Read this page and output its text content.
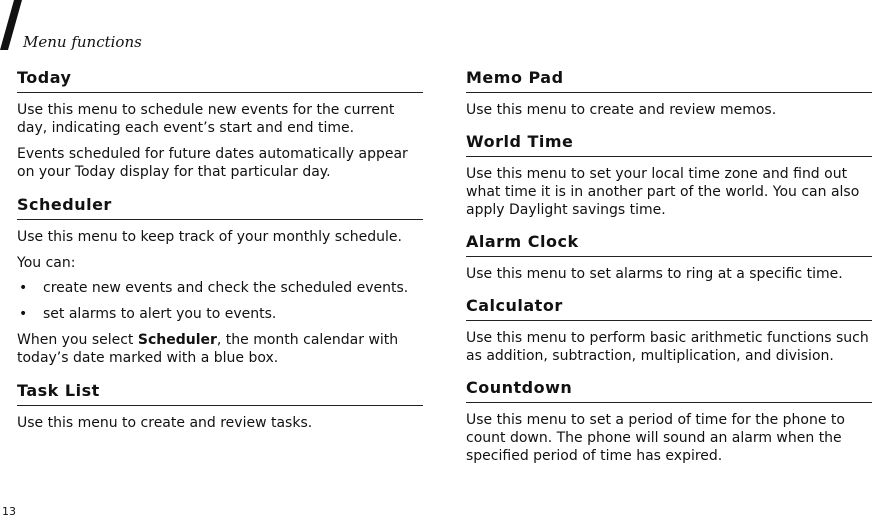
Menu functions
Today

Use this menu to schedule new events for the current day, indicating each event’s start and end time.

Events scheduled for future dates automatically appear on your Today display for that particular day.

Scheduler

Use this menu to keep track of your monthly schedule.

You can:

• create new events and check the scheduled events.
• set alarms to alert you to events.

When you select Scheduler, the month calendar with today’s date marked with a blue box.

Task List

Use this menu to create and review tasks.

Memo Pad

Use this menu to create and review memos.

World Time

Use this menu to set your local time zone and find out what time it is in another part of the world. You can also apply Daylight savings time.

Alarm Clock

Use this menu to set alarms to ring at a specific time.

Calculator

Use this menu to perform basic arithmetic functions such as addition, subtraction, multiplication, and division.

Countdown

Use this menu to set a period of time for the phone to count down. The phone will sound an alarm when the specified period of time has expired.

13
